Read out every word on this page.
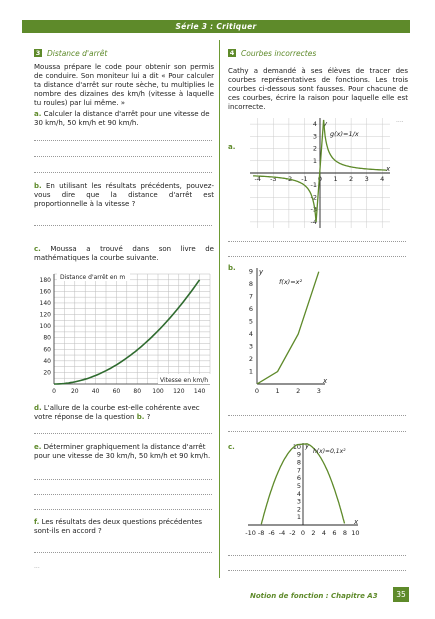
Série 3 : Critiquer
3 Distance d'arrêt
Moussa prépare le code pour obtenir son permis de conduire. Son moniteur lui a dit « Pour calculer ta distance d'arrêt sur route sèche, tu multiplies le nombre des dizaines des km/h (vitesse à laquelle tu roules) par lui même. »
a. Calculer la distance d'arrêt pour une vitesse de 30 km/h, 50 km/h et 90 km/h.
b. En utilisant les résultats précédents, pouvez-vous dire que la distance d'arrêt est proportionnelle à la vitesse ?
c. Moussa a trouvé dans son livre de mathématiques la courbe suivante.
0	20 40 60 80 100 120 140
20
40
60
80
100
120
140
160
180 Distance d'arrêt en m
Vitesse en km/h
d. L'allure de la courbe est-elle cohérente avec votre réponse de la question b. ?
e. Déterminer graphiquement la distance d'arrêt pour une vitesse de 30 km/h, 50 km/h et 90 km/h.
f. Les résultats des deux questions précédentes sont-ils en accord ?
...
4 Courbes incorrectes
Cathy a demandé à ses élèves de tracer des courbes représentatives de fonctions. Les trois courbes ci-dessous sont fausses. Pour chacune de ces courbes, écrire la raison pour laquelle elle est incorrecte.
a.
....
-4 -3 -2 -1 0 1 2 3 4
-4
-3
-2
-1
1
2
3
4 y
x
g(x)=1/x
b.
0	1	2	3
1
2
3
4
5
6
7
8
9 y
x
f(x)=x²
c.
-10 -8 -6 -4 -2 0 2 4 6 8 10
1
2
3
4
5
6
7
8
9
10 y
x
h(x)=0,1x²
Notion de fonction : Chapitre A3	35
